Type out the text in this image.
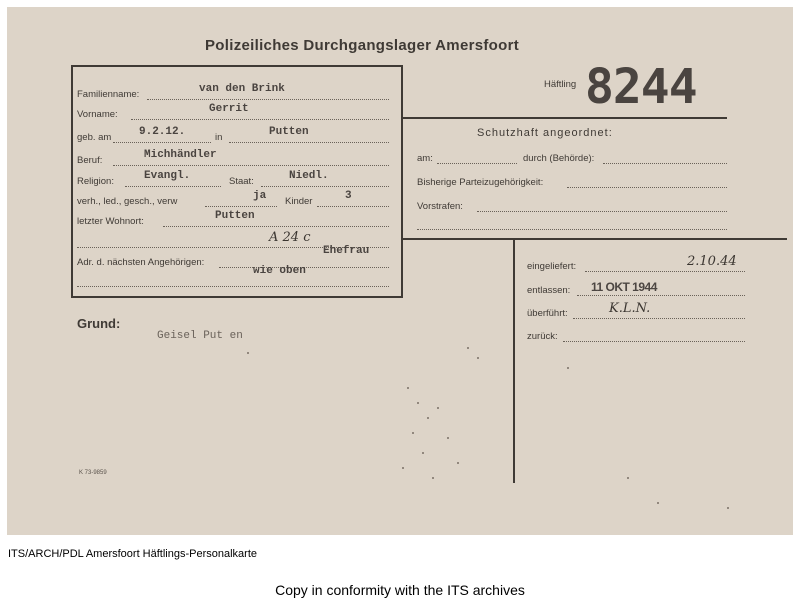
Polizeiliches Durchgangslager Amersfoort
Häftling 8244
Familienname:	van den Brink
Vorname:	Gerrit
geb. am	9.2.12.	in	Putten
Beruf:	Michhändler
Religion:	Evangl.	Staat:	Niedl.
verh., led., gesch., verw	ja Kinder	3
letzter Wohnort:	Putten
A 24 c
Adr. d. nächsten Angehörigen:
Ehefrau
wie oben
Schutzhaft angeordnet:
am:	durch (Behörde):
Bisherige Parteizugehörigkeit:
Vorstrafen:
eingeliefert:	2.10.44
entlassen: 11 OKT 1944
überführt:	K.L.N.
zurück:
Grund:
Geisel Put en
K 73-9859
ITS/ARCH/PDL Amersfoort Häftlings-Personalkarte
Copy in conformity with the ITS archives
